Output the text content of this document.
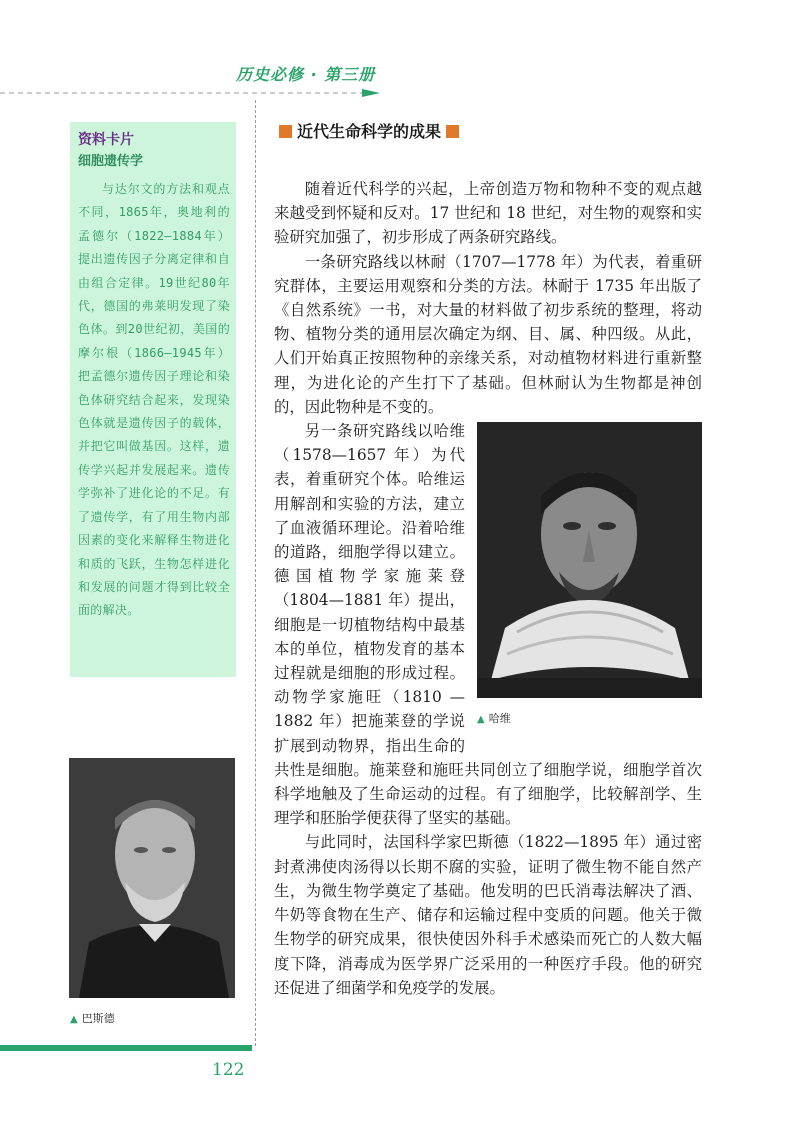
历史必修 · 第三册

资料卡片

细胞遗传学

与达尔文的方法和观点不同，1865年，奥地利的孟德尔（1822—1884年）提出遗传因子分离定律和自由组合定律。19世纪80年代，德国的弗莱明发现了染色体。到20世纪初，美国的摩尔根（1866—1945年）把孟德尔遗传因子理论和染色体研究结合起来，发现染色体就是遗传因子的载体，并把它叫做基因。这样，遗传学兴起并发展起来。遗传学弥补了进化论的不足。有了遗传学，有了用生物内部因素的变化来解释生物进化和质的飞跃，生物怎样进化和发展的问题才得到比较全面的解决。

近代生命科学的成果

随着近代科学的兴起，上帝创造万物和物种不变的观点越来越受到怀疑和反对。17 世纪和 18 世纪，对生物的观察和实验研究加强了，初步形成了两条研究路线。

一条研究路线以林耐（1707—1778 年）为代表，着重研究群体，主要运用观察和分类的方法。林耐于 1735 年出版了《自然系统》一书，对大量的材料做了初步系统的整理，将动物、植物分类的通用层次确定为纲、目、属、种四级。从此，人们开始真正按照物种的亲缘关系，对动植物材料进行重新整理，为进化论的产生打下了基础。但林耐认为生物都是神创的，因此物种是不变的。

▲ 哈维

另一条研究路线以哈维（1578—1657 年）为代表，着重研究个体。哈维运用解剖和实验的方法，建立了血液循环理论。沿着哈维的道路，细胞学得以建立。德国植物学家施莱登（1804—1881 年）提出，细胞是一切植物结构中最基本的单位，植物发育的基本过程就是细胞的形成过程。动物学家施旺（1810 —1882 年）把施莱登的学说扩展到动物界，指出生命的共性是细胞。施莱登和施旺共同创立了细胞学说，细胞学首次科学地触及了生命运动的过程。有了细胞学，比较解剖学、生理学和胚胎学便获得了坚实的基础。

与此同时，法国科学家巴斯德（1822—1895 年）通过密封煮沸使肉汤得以长期不腐的实验，证明了微生物不能自然产生，为微生物学奠定了基础。他发明的巴氏消毒法解决了酒、牛奶等食物在生产、储存和运输过程中变质的问题。他关于微生物学的研究成果，很快使因外科手术感染而死亡的人数大幅度下降，消毒成为医学界广泛采用的一种医疗手段。他的研究还促进了细菌学和免疫学的发展。

▲ 巴斯德

122
